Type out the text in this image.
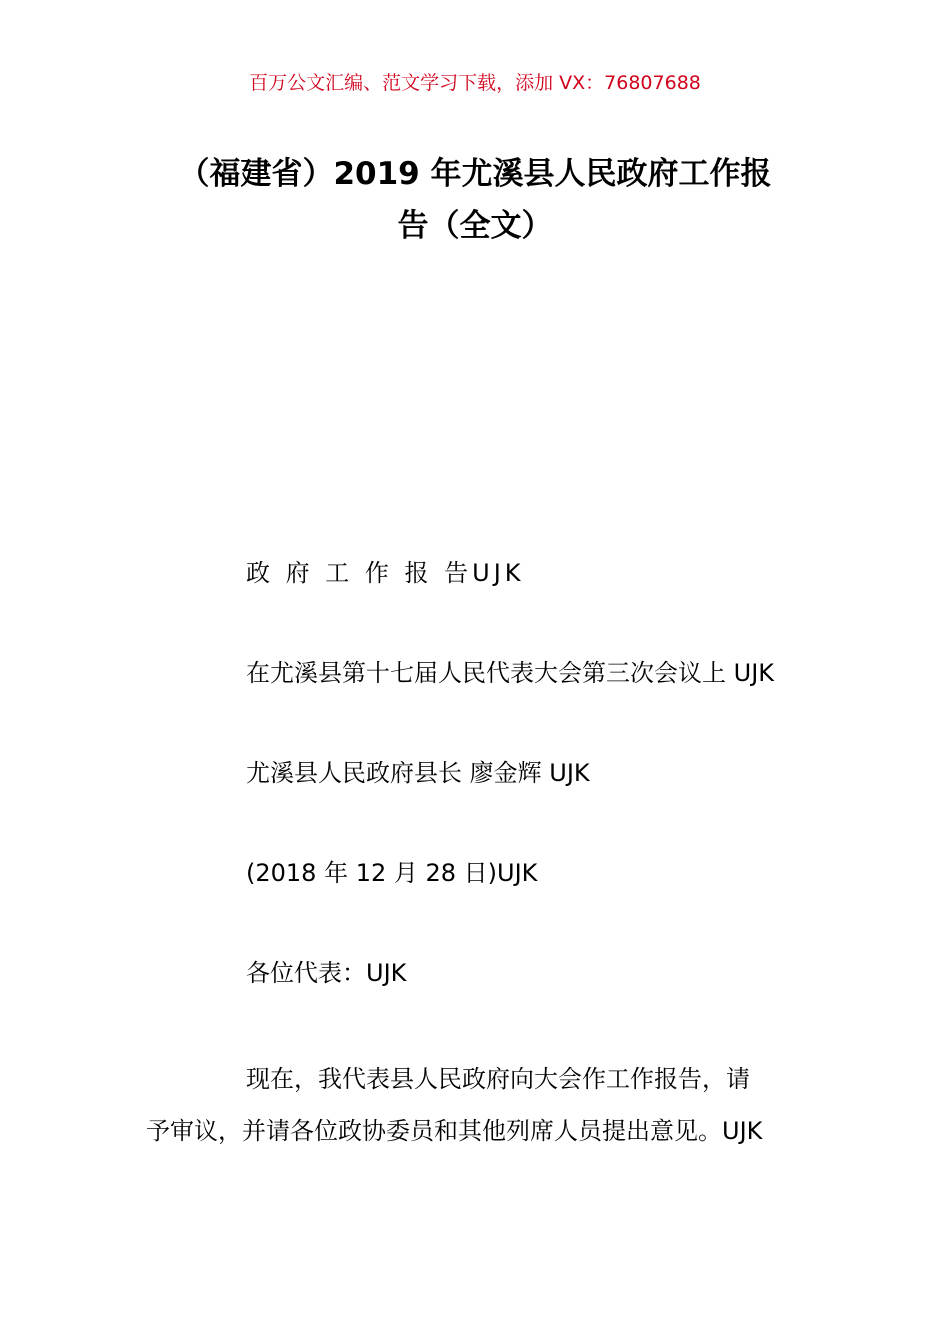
百万公文汇编、范文学习下载，添加 VX：76807688
（福建省）2019 年尤溪县人民政府工作报
告（全文）
政 府 工 作 报 告UJK
在尤溪县第十七届人民代表大会第三次会议上 UJK
尤溪县人民政府县长 廖金辉 UJK
(2018 年 12 月 28 日)UJK
各位代表：UJK
现在，我代表县人民政府向大会作工作报告，请
予审议，并请各位政协委员和其他列席人员提出意见。UJK
